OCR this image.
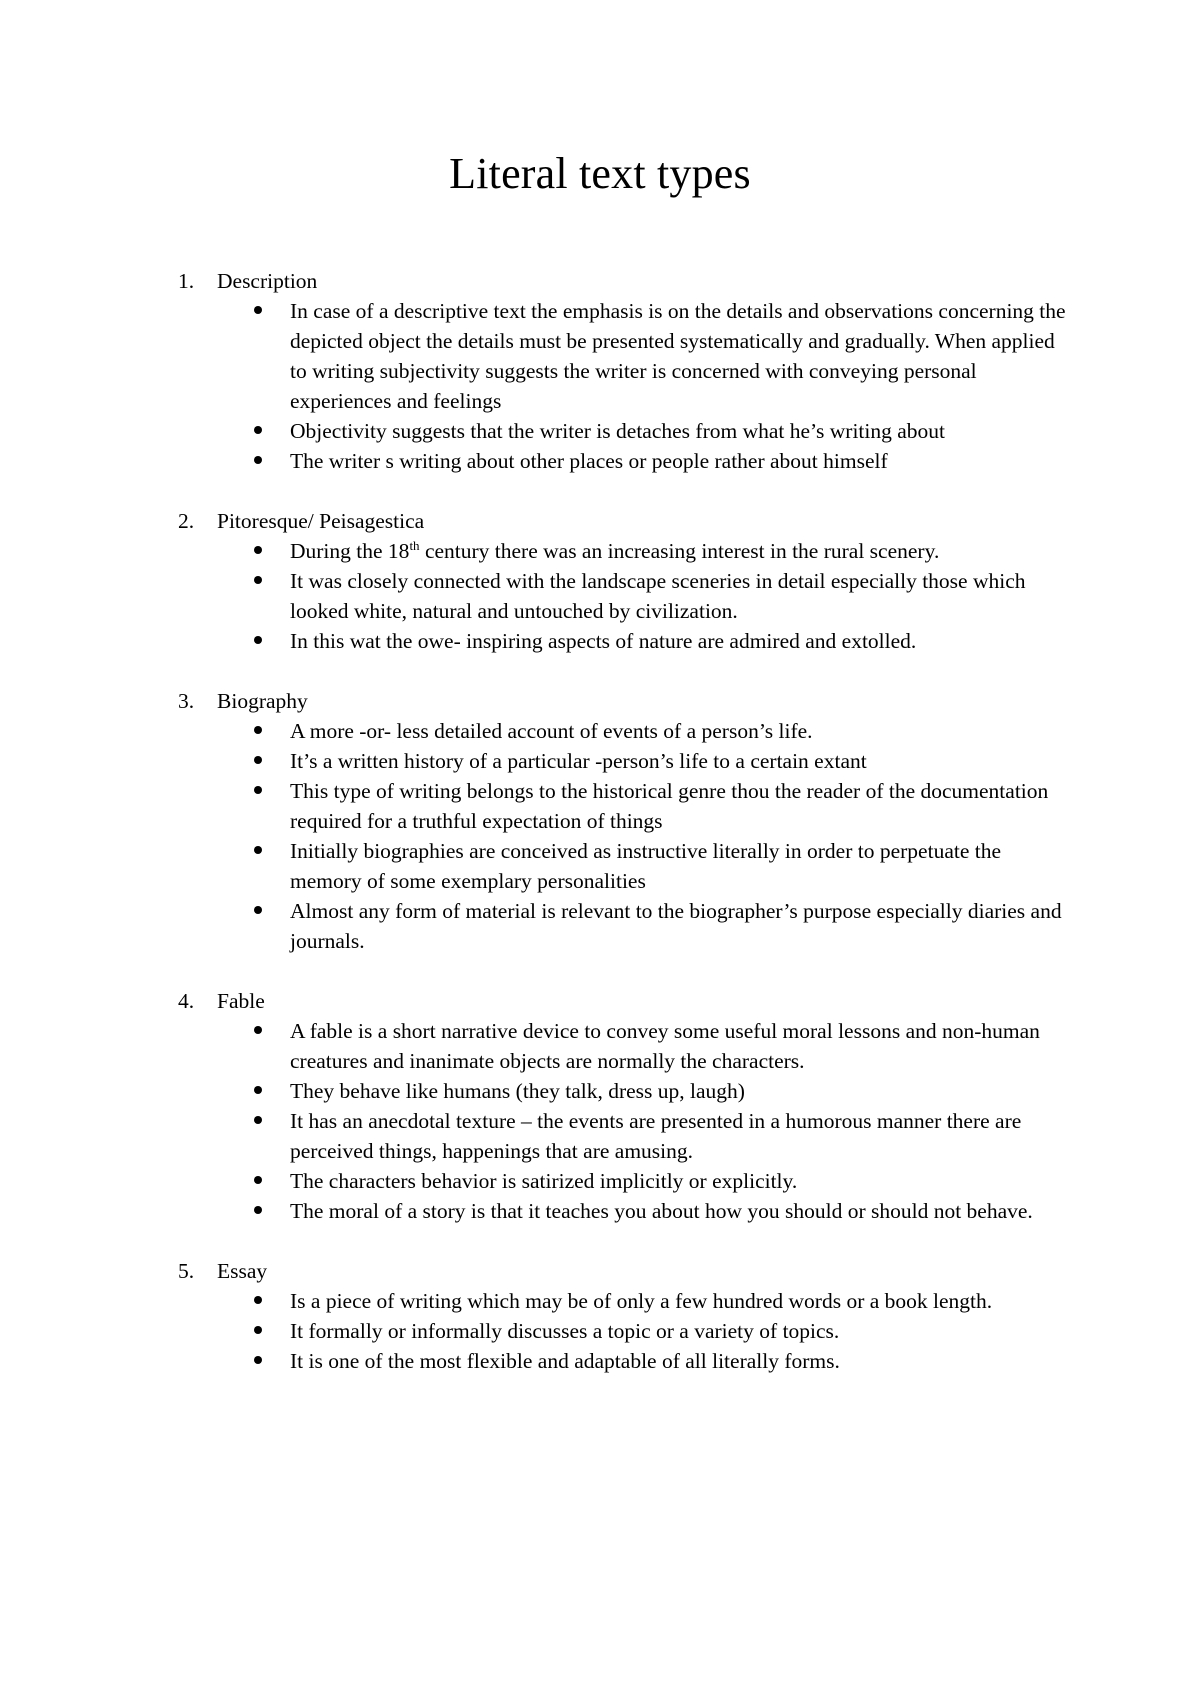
Literal text types
1. Description
In case of a descriptive text the emphasis is on the details and observations concerning the depicted object the details must be presented systematically and gradually. When applied to writing subjectivity suggests the writer is concerned with conveying personal experiences and feelings
Objectivity suggests that the writer is detaches from what he’s writing about
The writer s writing about other places or people rather about himself
2. Pitoresque/ Peisagestica
During the 18th century there was an increasing interest in the rural scenery.
It was closely connected with the landscape sceneries in detail especially those which looked white, natural and untouched by civilization.
In this wat the owe- inspiring aspects of nature are admired and extolled.
3. Biography
A more -or- less detailed account of events of a person’s life.
It’s a written history of a particular -person’s life to a certain extant
This type of writing belongs to the historical genre thou the reader of the documentation required for a truthful expectation of things
Initially biographies are conceived as instructive literally in order to perpetuate the memory of some exemplary personalities
Almost any form of material is relevant to the biographer’s purpose especially diaries and journals.
4. Fable
A fable is a short narrative device to convey some useful moral lessons and non-human creatures and inanimate objects are normally the characters.
They behave like humans (they talk, dress up, laugh)
It has an anecdotal texture – the events are presented in a humorous manner there are perceived things, happenings that are amusing.
The characters behavior is satirized implicitly or explicitly.
The moral of a story is that it teaches you about how you should or should not behave.
5. Essay
Is a piece of writing which may be of only a few hundred words or a book length.
It formally or informally discusses a topic or a variety of topics.
It is one of the most flexible and adaptable of all literally forms.
